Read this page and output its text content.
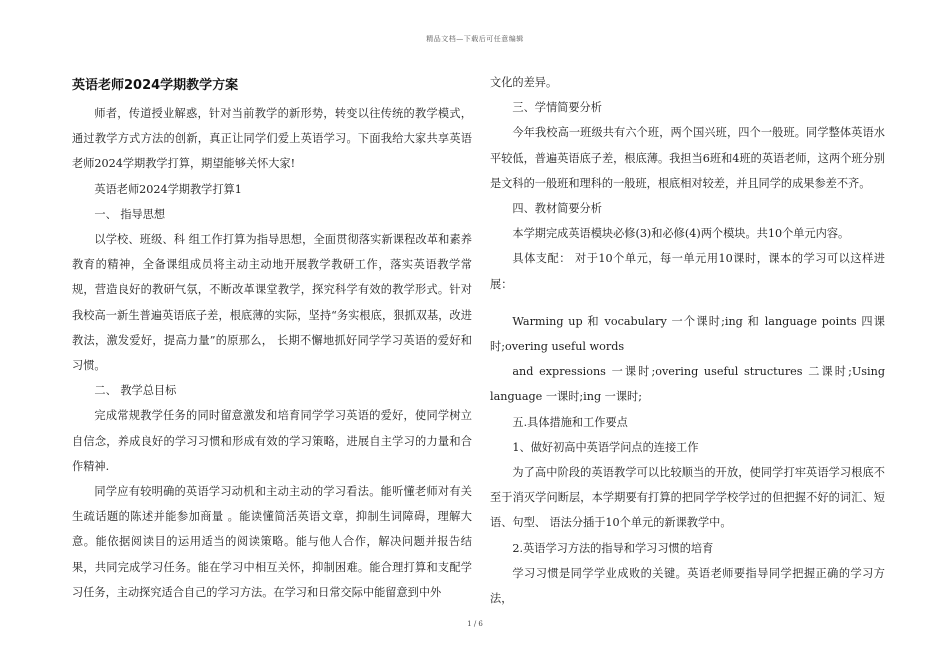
精品文档—下载后可任意编辑
英语老师2024学期教学方案

师者，传道授业解惑，针对当前教学的新形势，转变以往传统的教学模式，通过教学方式方法的创新，真正让同学们爱上英语学习。下面我给大家共享英语老师2024学期教学打算，期望能够关怀大家!

英语老师2024学期教学打算1

一、 指导思想

以学校、班级、科 组工作打算为指导思想，全面贯彻落实新课程改革和素养教育的精神，全备课组成员将主动主动地开展教学教研工作，落实英语教学常规，营造良好的教研气氛，不断改革课堂教学，探究科学有效的教学形式。针对我校高一新生普遍英语底子差，根底薄的实际，坚持“务实根底，狠抓双基，改进教法，激发爱好，提高力量”的原那么， 长期不懈地抓好同学学习英语的爱好和习惯。

二、 教学总目标

完成常规教学任务的同时留意激发和培育同学学习英语的爱好，使同学树立自信念，养成良好的学习习惯和形成有效的学习策略，进展自主学习的力量和合作精神.

同学应有较明确的英语学习动机和主动主动的学习看法。能听懂老师对有关生疏话题的陈述并能参加商量 。能读懂简活英语文章，抑制生词障碍，理解大意。能依据阅读目的运用适当的阅读策略。能与他人合作，解决问题并报告结果，共同完成学习任务。能在学习中相互关怀，抑制困难。能合理打算和支配学习任务，主动探究适合自己的学习方法。在学习和日常交际中能留意到中外

文化的差异。

三、学情简要分析

今年我校高一班级共有六个班，两个国兴班，四个一般班。同学整体英语水平较低，普遍英语底子差，根底薄。我担当6班和4班的英语老师，这两个班分别是文科的一般班和理科的一般班，根底相对较差，并且同学的成果参差不齐。

四、教材简要分析

本学期完成英语模块必修(3)和必修(4)两个模块。共10个单元内容。

具体支配： 对于10个单元，每一单元用10课时，课本的学习可以这样进展：

Warming up 和 vocabulary 一个课时;ing 和 language points 四课时;overing useful words

and expressions 一课时;overing useful structures 二课时;Using language 一课时;ing 一课时;

五.具体措施和工作要点

1、做好初高中英语学问点的连接工作

为了高中阶段的英语教学可以比较顺当的开放，使同学打牢英语学习根底不至于消灭学问断层，本学期要有打算的把同学学校学过的但把握不好的词汇、短语、句型、 语法分插于10个单元的新课教学中。

2.英语学习方法的指导和学习习惯的培育

学习习惯是同学学业成败的关键。英语老师要指导同学把握正确的学习方法，

1 / 6
